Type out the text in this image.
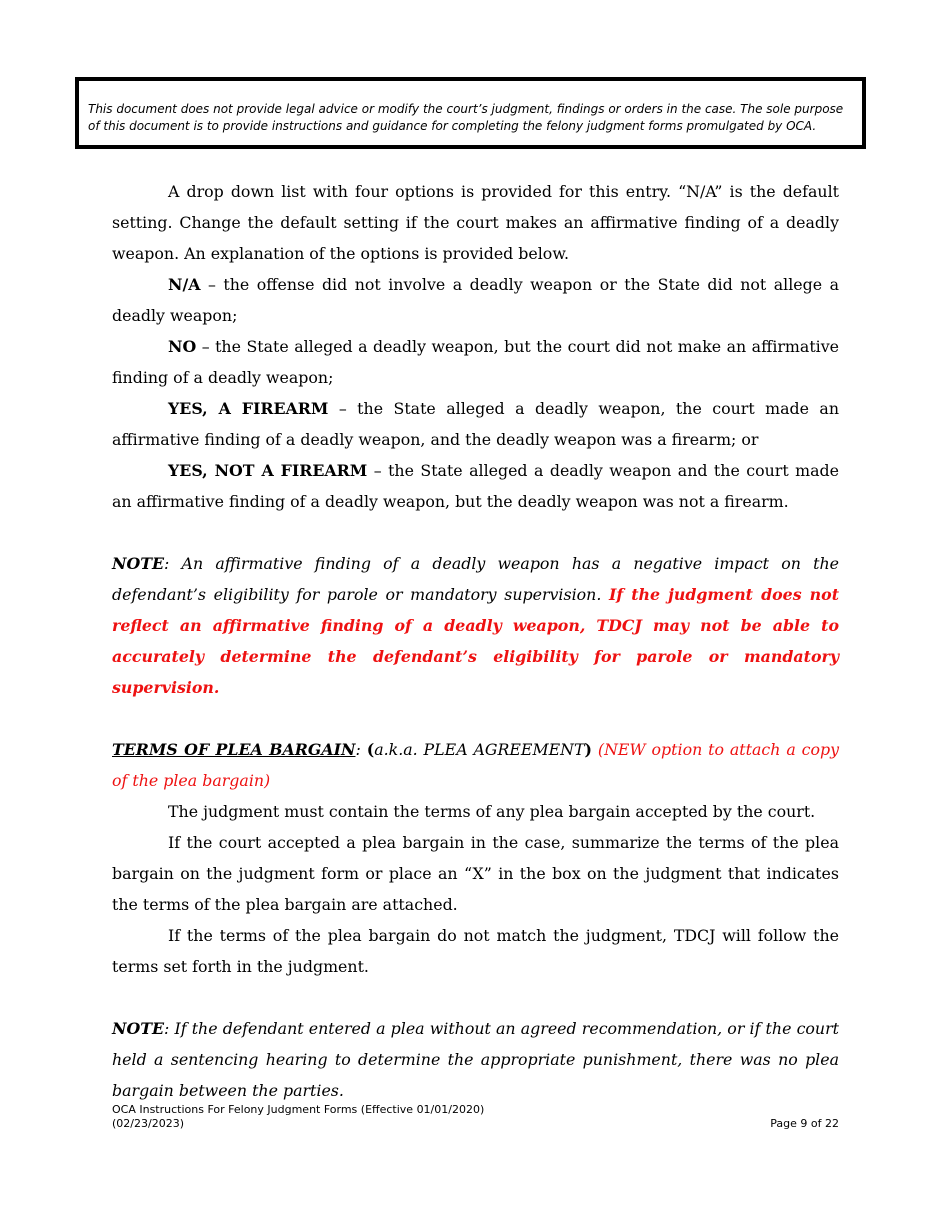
This document does not provide legal advice or modify the court’s judgment, findings or orders in the case. The sole purpose of this document is to provide instructions and guidance for completing the felony judgment forms promulgated by OCA.

A drop down list with four options is provided for this entry. “N/A” is the default setting. Change the default setting if the court makes an affirmative finding of a deadly weapon. An explanation of the options is provided below.

N/A – the offense did not involve a deadly weapon or the State did not allege a deadly weapon;

NO – the State alleged a deadly weapon, but the court did not make an affirmative finding of a deadly weapon;

YES, A FIREARM – the State alleged a deadly weapon, the court made an affirmative finding of a deadly weapon, and the deadly weapon was a firearm; or

YES, NOT A FIREARM – the State alleged a deadly weapon and the court made an affirmative finding of a deadly weapon, but the deadly weapon was not a firearm.

NOTE: An affirmative finding of a deadly weapon has a negative impact on the defendant’s eligibility for parole or mandatory supervision. If the judgment does not reflect an affirmative finding of a deadly weapon, TDCJ may not be able to accurately determine the defendant’s eligibility for parole or mandatory supervision.

TERMS OF PLEA BARGAIN: (a.k.a. PLEA AGREEMENT) (NEW option to attach a copy of the plea bargain)

The judgment must contain the terms of any plea bargain accepted by the court.

If the court accepted a plea bargain in the case, summarize the terms of the plea bargain on the judgment form or place an “X” in the box on the judgment that indicates the terms of the plea bargain are attached.

If the terms of the plea bargain do not match the judgment, TDCJ will follow the terms set forth in the judgment.

NOTE: If the defendant entered a plea without an agreed recommendation, or if the court held a sentencing hearing to determine the appropriate punishment, there was no plea bargain between the parties.

OCA Instructions For Felony Judgment Forms (Effective 01/01/2020)
(02/23/2023)	Page 9 of 22
